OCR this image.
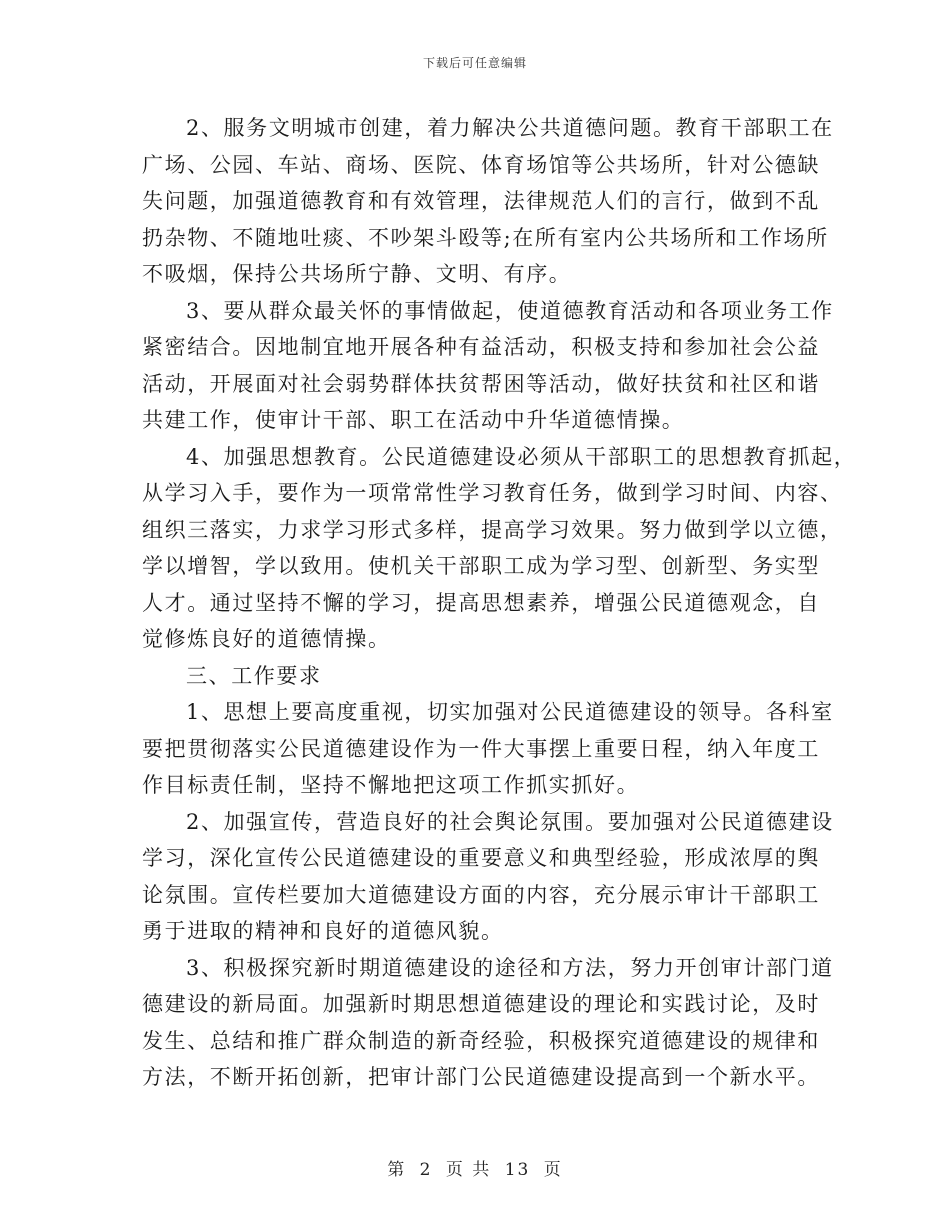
下载后可任意编辑

2、服务文明城市创建，着力解决公共道德问题。教育干部职工在
广场、公园、车站、商场、医院、体育场馆等公共场所，针对公德缺
失问题，加强道德教育和有效管理，法律规范人们的言行，做到不乱
扔杂物、不随地吐痰、不吵架斗殴等;在所有室内公共场所和工作场所
不吸烟，保持公共场所宁静、文明、有序。

3、要从群众最关怀的事情做起，使道德教育活动和各项业务工作
紧密结合。因地制宜地开展各种有益活动，积极支持和参加社会公益
活动，开展面对社会弱势群体扶贫帮困等活动，做好扶贫和社区和谐
共建工作，使审计干部、职工在活动中升华道德情操。

4、加强思想教育。公民道德建设必须从干部职工的思想教育抓起，
从学习入手，要作为一项常常性学习教育任务，做到学习时间、内容、
组织三落实，力求学习形式多样，提高学习效果。努力做到学以立德，
学以增智，学以致用。使机关干部职工成为学习型、创新型、务实型
人才。通过坚持不懈的学习，提高思想素养，增强公民道德观念，自
觉修炼良好的道德情操。

三、工作要求

1、思想上要高度重视，切实加强对公民道德建设的领导。各科室
要把贯彻落实公民道德建设作为一件大事摆上重要日程，纳入年度工
作目标责任制，坚持不懈地把这项工作抓实抓好。

2、加强宣传，营造良好的社会舆论氛围。要加强对公民道德建设
学习，深化宣传公民道德建设的重要意义和典型经验，形成浓厚的舆
论氛围。宣传栏要加大道德建设方面的内容，充分展示审计干部职工
勇于进取的精神和良好的道德风貌。

3、积极探究新时期道德建设的途径和方法，努力开创审计部门道
德建设的新局面。加强新时期思想道德建设的理论和实践讨论，及时
发生、总结和推广群众制造的新奇经验，积极探究道德建设的规律和
方法，不断开拓创新，把审计部门公民道德建设提高到一个新水平。

第 2 页 共 13 页
